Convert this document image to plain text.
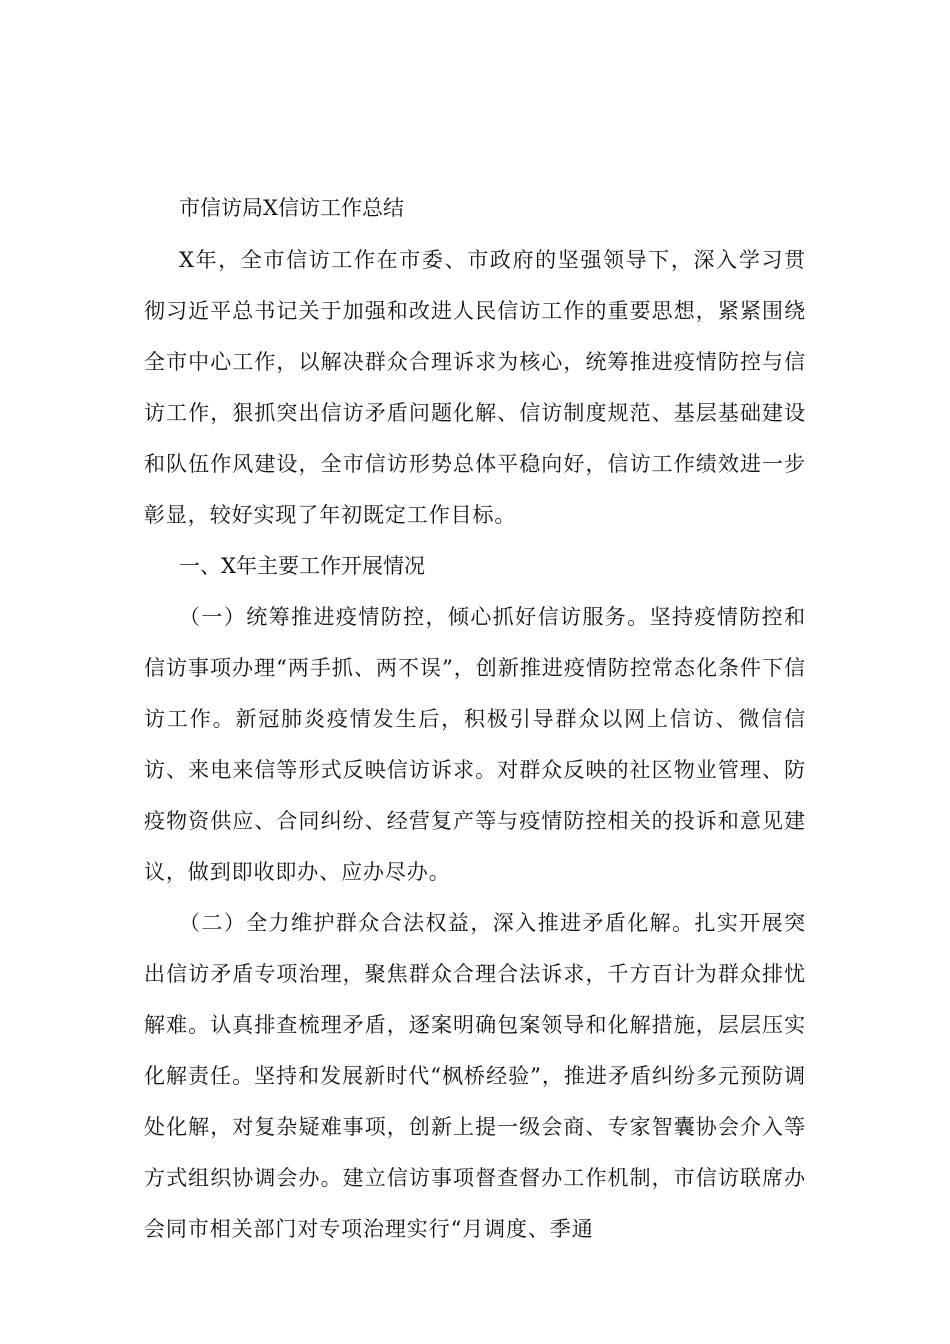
市信访局Ⅹ信访工作总结

Ⅹ年，全市信访工作在市委、市政府的坚强领导下，深入学习贯彻习近平总书记关于加强和改进人民信访工作的重要思想，紧紧围绕全市中心工作，以解决群众合理诉求为核心，统筹推进疫情防控与信访工作，狠抓突出信访矛盾问题化解、信访制度规范、基层基础建设和队伍作风建设，全市信访形势总体平稳向好，信访工作绩效进一步彰显，较好实现了年初既定工作目标。

一、Ⅹ年主要工作开展情况

（一）统筹推进疫情防控，倾心抓好信访服务。坚持疫情防控和信访事项办理“两手抓、两不误”，创新推进疫情防控常态化条件下信访工作。新冠肺炎疫情发生后，积极引导群众以网上信访、微信信访、来电来信等形式反映信访诉求。对群众反映的社区物业管理、防疫物资供应、合同纠纷、经营复产等与疫情防控相关的投诉和意见建议，做到即收即办、应办尽办。

（二）全力维护群众合法权益，深入推进矛盾化解。扎实开展突出信访矛盾专项治理，聚焦群众合理合法诉求，千方百计为群众排忧解难。认真排查梳理矛盾，逐案明确包案领导和化解措施，层层压实化解责任。坚持和发展新时代“枫桥经验”，推进矛盾纠纷多元预防调处化解，对复杂疑难事项，创新上提一级会商、专家智囊协会介入等方式组织协调会办。建立信访事项督查督办工作机制，市信访联席办会同市相关部门对专项治理实行“月调度、季通
